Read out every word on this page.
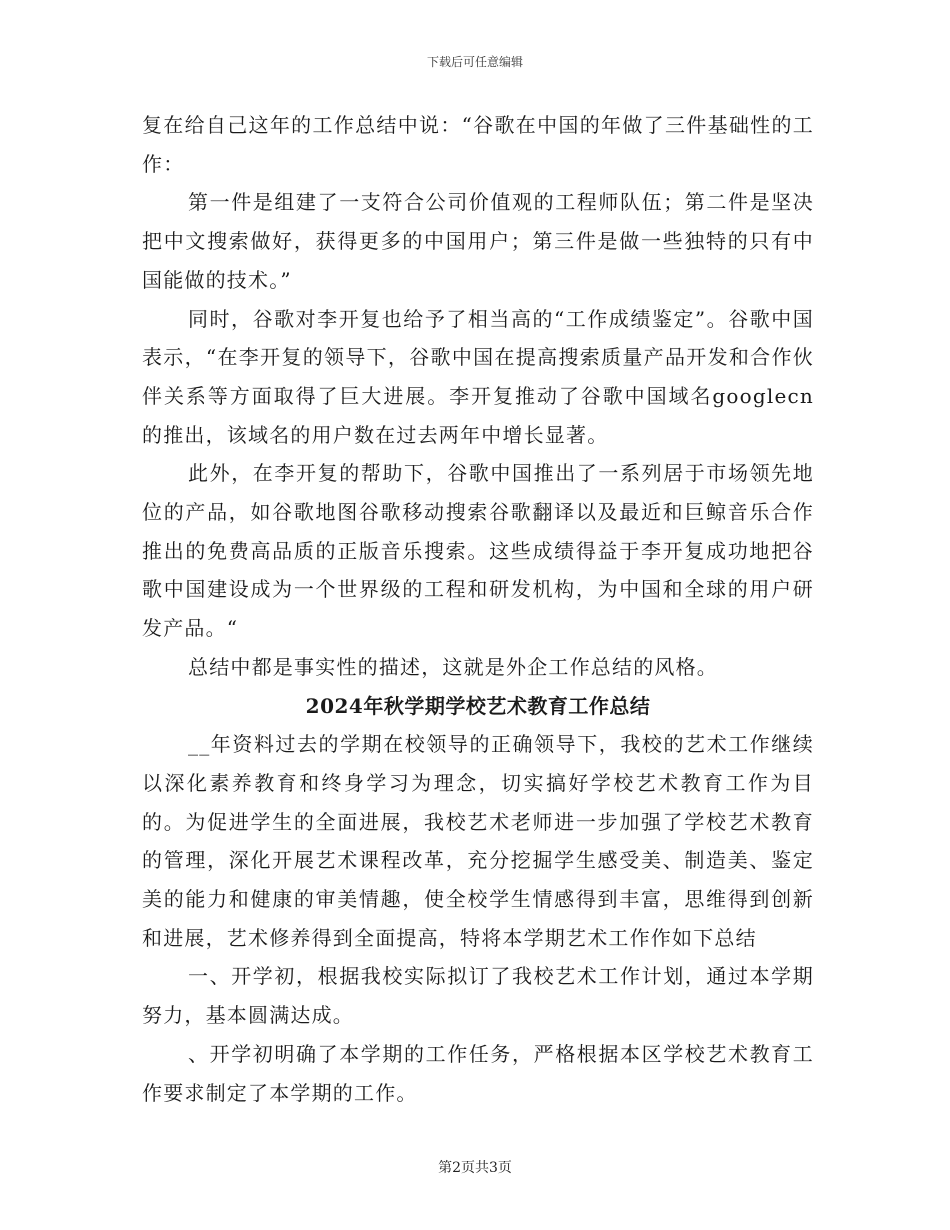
下载后可任意编辑

复在给自己这年的工作总结中说：“谷歌在中国的年做了三件基础性的工作：

第一件是组建了一支符合公司价值观的工程师队伍；第二件是坚决把中文搜索做好，获得更多的中国用户；第三件是做一些独特的只有中国能做的技术。”

同时，谷歌对李开复也给予了相当高的“工作成绩鉴定”。谷歌中国表示，“在李开复的领导下，谷歌中国在提高搜索质量产品开发和合作伙伴关系等方面取得了巨大进展。李开复推动了谷歌中国域名googlecn的推出，该域名的用户数在过去两年中增长显著。

此外，在李开复的帮助下，谷歌中国推出了一系列居于市场领先地位的产品，如谷歌地图谷歌移动搜索谷歌翻译以及最近和巨鲸音乐合作推出的免费高品质的正版音乐搜索。这些成绩得益于李开复成功地把谷歌中国建设成为一个世界级的工程和研发机构，为中国和全球的用户研发产品。“

总结中都是事实性的描述，这就是外企工作总结的风格。

2024年秋学期学校艺术教育工作总结

__年资料过去的学期在校领导的正确领导下，我校的艺术工作继续以深化素养教育和终身学习为理念，切实搞好学校艺术教育工作为目的。为促进学生的全面进展，我校艺术老师进一步加强了学校艺术教育的管理，深化开展艺术课程改革，充分挖掘学生感受美、制造美、鉴定美的能力和健康的审美情趣，使全校学生情感得到丰富，思维得到创新和进展，艺术修养得到全面提高，特将本学期艺术工作作如下总结

一、开学初，根据我校实际拟订了我校艺术工作计划，通过本学期努力，基本圆满达成。

、开学初明确了本学期的工作任务，严格根据本区学校艺术教育工作要求制定了本学期的工作。

第2页共3页
